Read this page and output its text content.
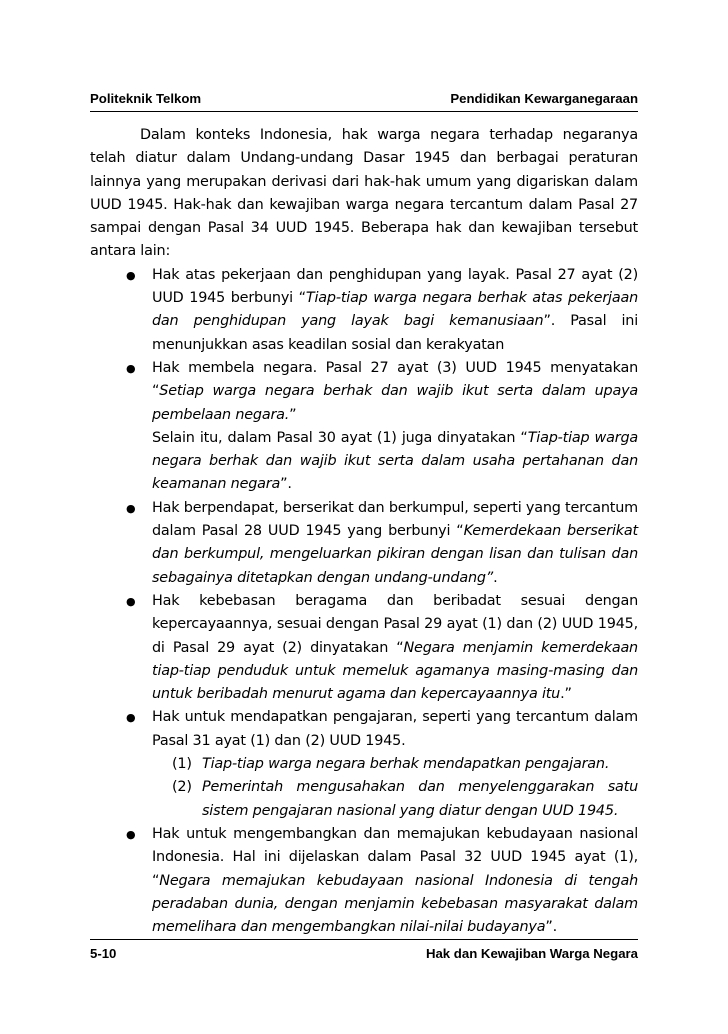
Politeknik Telkom	Pendidikan Kewarganegaraan

Dalam konteks Indonesia, hak warga negara terhadap negaranya telah diatur dalam Undang-undang Dasar 1945 dan berbagai peraturan lainnya yang merupakan derivasi dari hak-hak umum yang digariskan dalam UUD 1945. Hak-hak dan kewajiban warga negara tercantum dalam Pasal 27 sampai dengan Pasal 34 UUD 1945. Beberapa hak dan kewajiban tersebut antara lain:

● Hak atas pekerjaan dan penghidupan yang layak. Pasal 27 ayat (2) UUD 1945 berbunyi “Tiap-tiap warga negara berhak atas pekerjaan dan penghidupan yang layak bagi kemanusiaan”. Pasal ini menunjukkan asas keadilan sosial dan kerakyatan
● Hak membela negara. Pasal 27 ayat (3) UUD 1945 menyatakan “Setiap warga negara berhak dan wajib ikut serta dalam upaya pembelaan negara.”
Selain itu, dalam Pasal 30 ayat (1) juga dinyatakan “Tiap-tiap warga negara berhak dan wajib ikut serta dalam usaha pertahanan dan keamanan negara”.
● Hak berpendapat, berserikat dan berkumpul, seperti yang tercantum dalam Pasal 28 UUD 1945 yang berbunyi “Kemerdekaan berserikat dan berkumpul, mengeluarkan pikiran dengan lisan dan tulisan dan sebagainya ditetapkan dengan undang-undang”.
● Hak kebebasan beragama dan beribadat sesuai dengan kepercayaannya, sesuai dengan Pasal 29 ayat (1) dan (2) UUD 1945, di Pasal 29 ayat (2) dinyatakan “Negara menjamin kemerdekaan tiap-tiap penduduk untuk memeluk agamanya masing-masing dan untuk beribadah menurut agama dan kepercayaannya itu.”
● Hak untuk mendapatkan pengajaran, seperti yang tercantum dalam Pasal 31 ayat (1) dan (2) UUD 1945.
(1) Tiap-tiap warga negara berhak mendapatkan pengajaran.
(2) Pemerintah mengusahakan dan menyelenggarakan satu sistem pengajaran nasional yang diatur dengan UUD 1945.
● Hak untuk mengembangkan dan memajukan kebudayaan nasional Indonesia. Hal ini dijelaskan dalam Pasal 32 UUD 1945 ayat (1), “Negara memajukan kebudayaan nasional Indonesia di tengah peradaban dunia, dengan menjamin kebebasan masyarakat dalam memelihara dan mengembangkan nilai-nilai budayanya”.
5-10	Hak dan Kewajiban Warga Negara
